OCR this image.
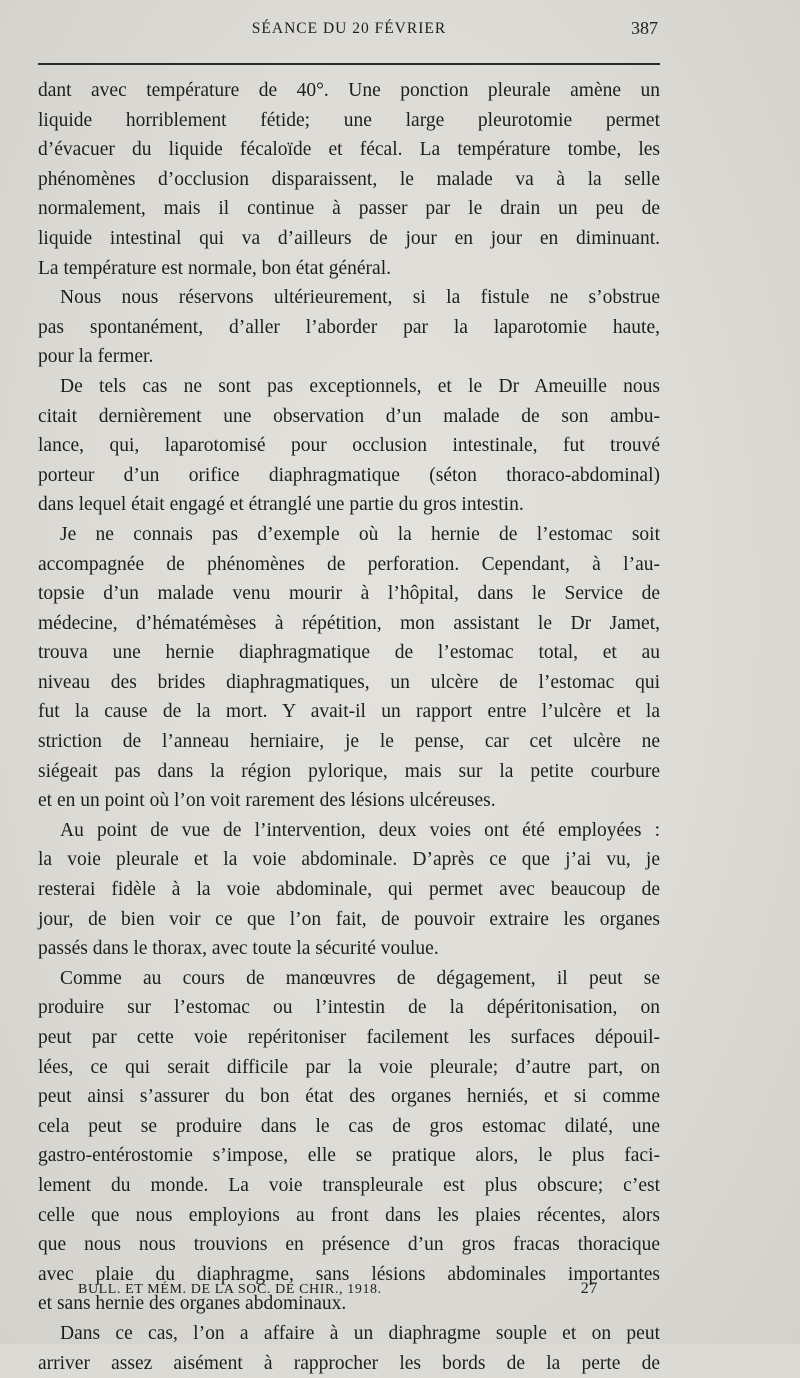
SÉANCE DU 20 FÉVRIER	387
dant avec température de 40°. Une ponction pleurale amène un
liquide horriblement fétide; une large pleurotomie permet
d’évacuer du liquide fécaloïde et fécal. La température tombe, les
phénomènes d’occlusion disparaissent, le malade va à la selle
normalement, mais il continue à passer par le drain un peu de
liquide intestinal qui va d’ailleurs de jour en jour en diminuant.
La température est normale, bon état général.
Nous nous réservons ultérieurement, si la fistule ne s’obstrue
pas spontanément, d’aller l’aborder par la laparotomie haute,
pour la fermer.
De tels cas ne sont pas exceptionnels, et le Dr Ameuille nous
citait dernièrement une observation d’un malade de son ambu-
lance, qui, laparotomisé pour occlusion intestinale, fut trouvé
porteur d’un orifice diaphragmatique (séton thoraco-abdominal)
dans lequel était engagé et étranglé une partie du gros intestin.
Je ne connais pas d’exemple où la hernie de l’estomac soit
accompagnée de phénomènes de perforation. Cependant, à l’au-
topsie d’un malade venu mourir à l’hôpital, dans le Service de
médecine, d’hématémèses à répétition, mon assistant le Dr Jamet,
trouva une hernie diaphragmatique de l’estomac total, et au
niveau des brides diaphragmatiques, un ulcère de l’estomac qui
fut la cause de la mort. Y avait-il un rapport entre l’ulcère et la
striction de l’anneau herniaire, je le pense, car cet ulcère ne
siégeait pas dans la région pylorique, mais sur la petite courbure
et en un point où l’on voit rarement des lésions ulcéreuses.
Au point de vue de l’intervention, deux voies ont été employées :
la voie pleurale et la voie abdominale. D’après ce que j’ai vu, je
resterai fidèle à la voie abdominale, qui permet avec beaucoup de
jour, de bien voir ce que l’on fait, de pouvoir extraire les organes
passés dans le thorax, avec toute la sécurité voulue.
Comme au cours de manœuvres de dégagement, il peut se
produire sur l’estomac ou l’intestin de la dépéritonisation, on
peut par cette voie repéritoniser facilement les surfaces dépouil-
lées, ce qui serait difficile par la voie pleurale; d’autre part, on
peut ainsi s’assurer du bon état des organes herniés, et si comme
cela peut se produire dans le cas de gros estomac dilaté, une
gastro-entérostomie s’impose, elle se pratique alors, le plus faci-
lement du monde. La voie transpleurale est plus obscure; c’est
celle que nous employions au front dans les plaies récentes, alors
que nous nous trouvions en présence d’un gros fracas thoracique
avec plaie du diaphragme, sans lésions abdominales importantes
et sans hernie des organes abdominaux.
Dans ce cas, l’on a affaire à un diaphragme souple et on peut
arriver assez aisément à rapprocher les bords de la perte de
BULL. ET MÉM. DE LA SOC. DE CHIR., 1918.	27
